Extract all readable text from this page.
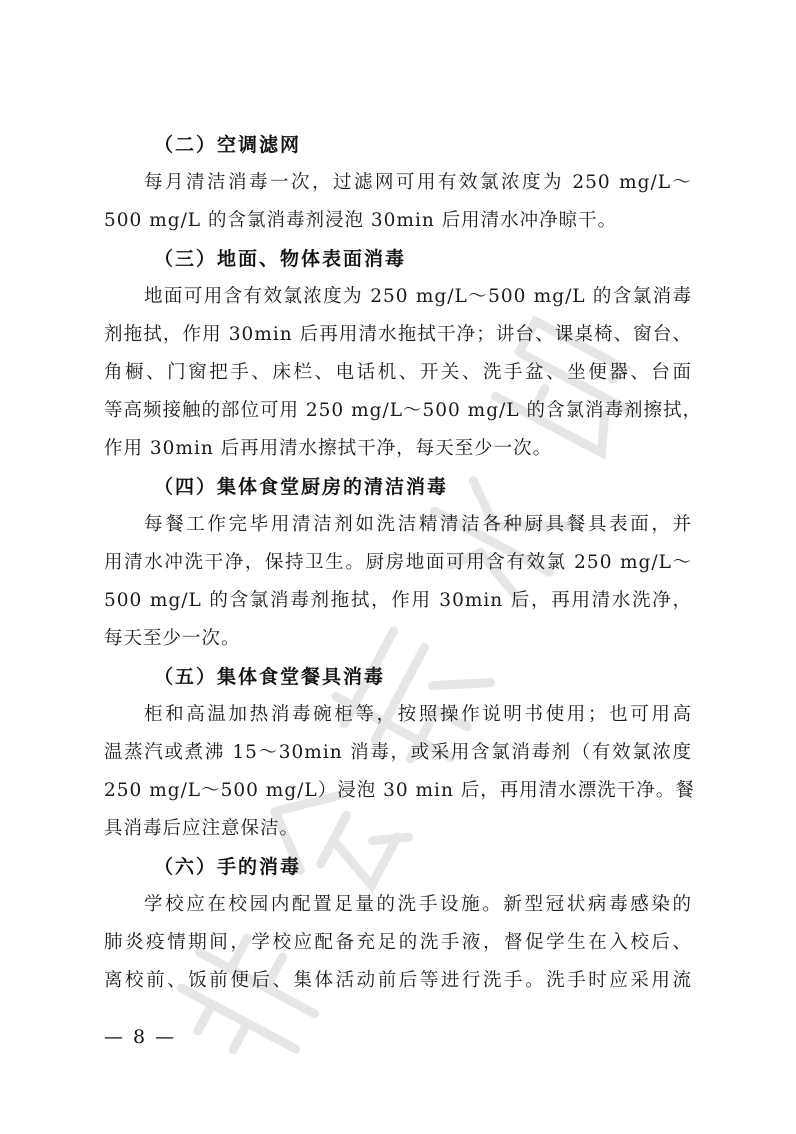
（二）空调滤网
每月清洁消毒一次，过滤网可用有效氯浓度为 250 mg/L～
500 mg/L 的含氯消毒剂浸泡 30min 后用清水冲净晾干。
（三）地面、物体表面消毒
地面可用含有效氯浓度为 250 mg/L～500 mg/L 的含氯消毒
剂拖拭，作用 30min 后再用清水拖拭干净；讲台、课桌椅、窗台、
角橱、门窗把手、床栏、电话机、开关、洗手盆、坐便器、台面
等高频接触的部位可用 250 mg/L～500 mg/L 的含氯消毒剂擦拭，
作用 30min 后再用清水擦拭干净，每天至少一次。
（四）集体食堂厨房的清洁消毒
每餐工作完毕用清洁剂如洗洁精清洁各种厨具餐具表面，并
用清水冲洗干净，保持卫生。厨房地面可用含有效氯 250 mg/L～
500 mg/L 的含氯消毒剂拖拭，作用 30min 后，再用清水洗净，
每天至少一次。
（五）集体食堂餐具消毒
柜和高温加热消毒碗柜等，按照操作说明书使用；也可用高
温蒸汽或煮沸 15～30min 消毒，或采用含氯消毒剂（有效氯浓度
250 mg/L～500 mg/L）浸泡 30 min 后，再用清水漂洗干净。餐
具消毒后应注意保洁。
（六）手的消毒
学校应在校园内配置足量的洗手设施。新型冠状病毒感染的
肺炎疫情期间，学校应配备充足的洗手液，督促学生在入校后、
离校前、饭前便后、集体活动前后等进行洗手。洗手时应采用流
— 8 —
